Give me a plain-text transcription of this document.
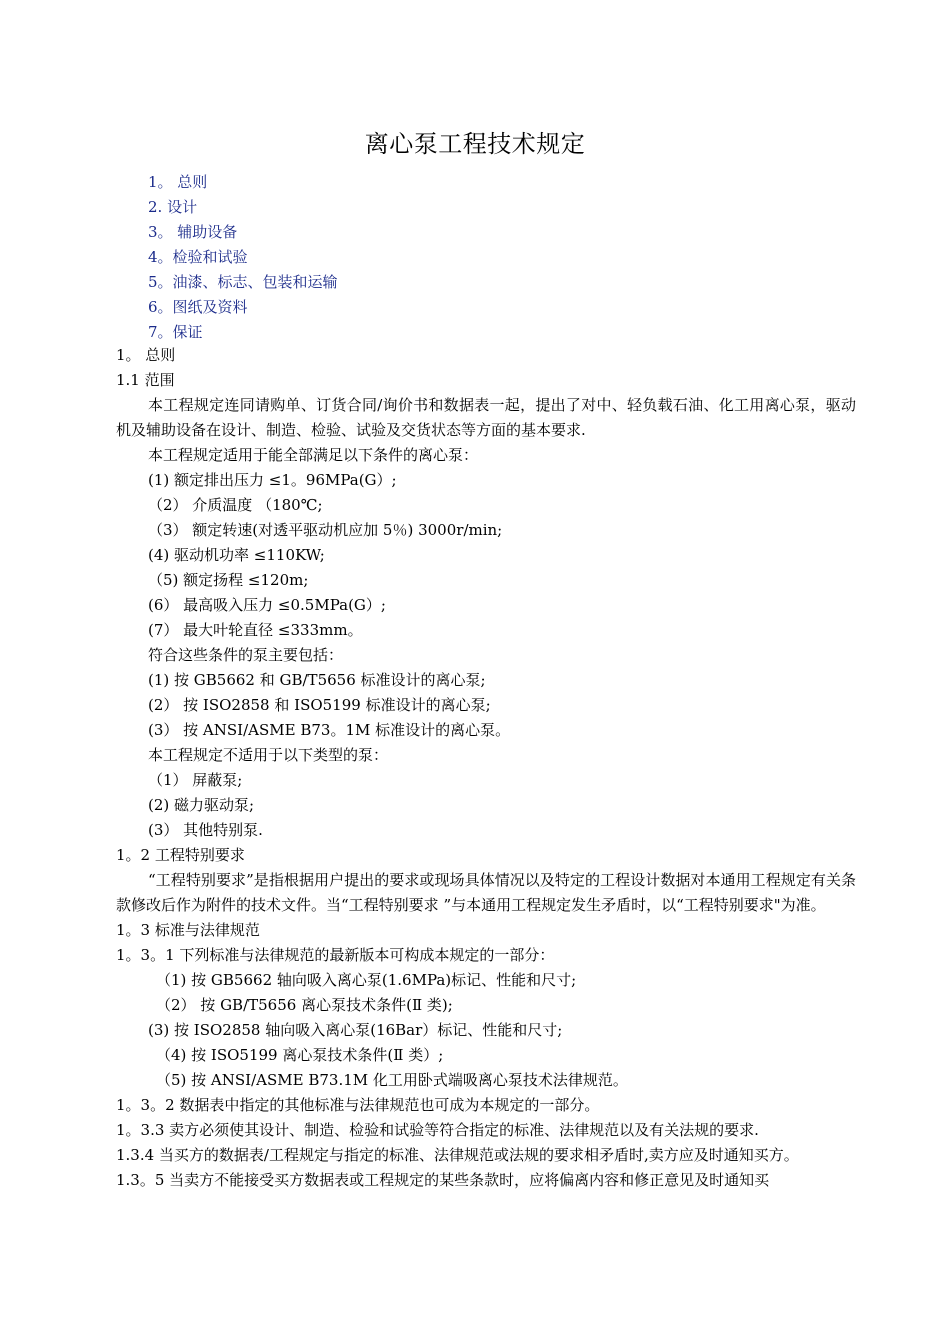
离心泵工程技术规定
1。 总则
2. 设计
3。 辅助设备
4。检验和试验
5。油漆、标志、包装和运输
6。图纸及资料
7。保证
1。 总则
1.1 范围
本工程规定连同请购单、订货合同/询价书和数据表一起，提出了对中、轻负载石油、化工用离心泵，驱动机及辅助设备在设计、制造、检验、试验及交货状态等方面的基本要求.
本工程规定适用于能全部满足以下条件的离心泵：
(1) 额定排出压力 ≤1。96MPa(G）;
（2） 介质温度 （180℃;
（3） 额定转速(对透平驱动机应加 5％) 3000r/min;
(4) 驱动机功率 ≤110KW;
（5) 额定扬程 ≤120m;
(6） 最高吸入压力 ≤0.5MPa(G）;
(7） 最大叶轮直径 ≤333mm。
符合这些条件的泵主要包括：
(1) 按 GB5662 和 GB/T5656 标准设计的离心泵;
(2） 按 ISO2858 和 ISO5199 标准设计的离心泵;
(3） 按 ANSI/ASME B73。1M 标准设计的离心泵。
本工程规定不适用于以下类型的泵：
（1） 屏蔽泵;
(2) 磁力驱动泵;
(3） 其他特别泵.
1。2 工程特别要求
“工程特别要求”是指根据用户提出的要求或现场具体情况以及特定的工程设计数据对本通用工程规定有关条款修改后作为附件的技术文件。当“工程特别要求 ”与本通用工程规定发生矛盾时，以“工程特别要求"为准。
1。3 标准与法律规范
1。3。1 下列标准与法律规范的最新版本可构成本规定的一部分：
（1) 按 GB5662 轴向吸入离心泵(1.6MPa)标记、性能和尺寸;
（2） 按 GB/T5656 离心泵技术条件(Ⅱ 类);
(3) 按 ISO2858 轴向吸入离心泵(16Bar）标记、性能和尺寸;
（4) 按 ISO5199 离心泵技术条件(Ⅱ 类）;
（5) 按 ANSI/ASME B73.1M 化工用卧式端吸离心泵技术法律规范。
1。3。2 数据表中指定的其他标准与法律规范也可成为本规定的一部分。
1。3.3 卖方必须使其设计、制造、检验和试验等符合指定的标准、法律规范以及有关法规的要求.
1.3.4 当买方的数据表/工程规定与指定的标准、法律规范或法规的要求相矛盾时,卖方应及时通知买方。
1.3。5 当卖方不能接受买方数据表或工程规定的某些条款时，应将偏离内容和修正意见及时通知买
